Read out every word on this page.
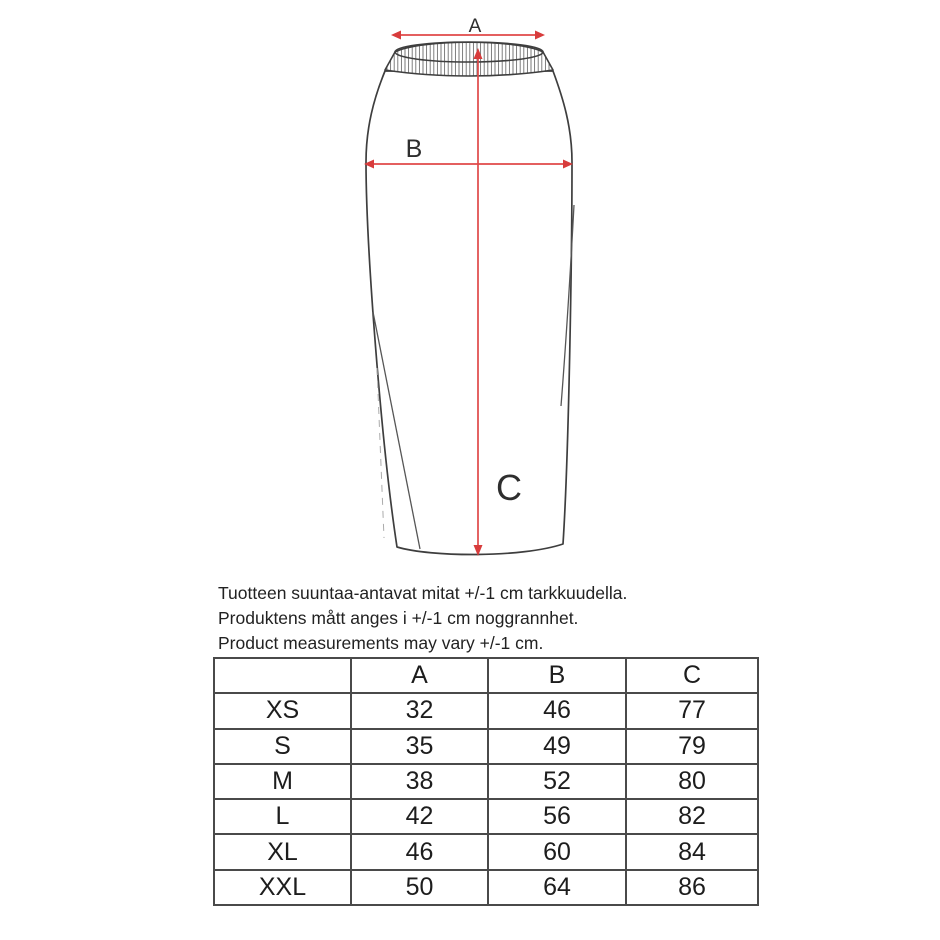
A
B
C
Tuotteen suuntaa-antavat mitat +/-1 cm tarkkuudella.
Produktens mått anges i +/-1 cm noggrannhet.
Product measurements may vary +/-1 cm.
	A	B	C
XS	32	46	77
S	35	49	79
M	38	52	80
L	42	56	82
XL	46	60	84
XXL	50	64	86
